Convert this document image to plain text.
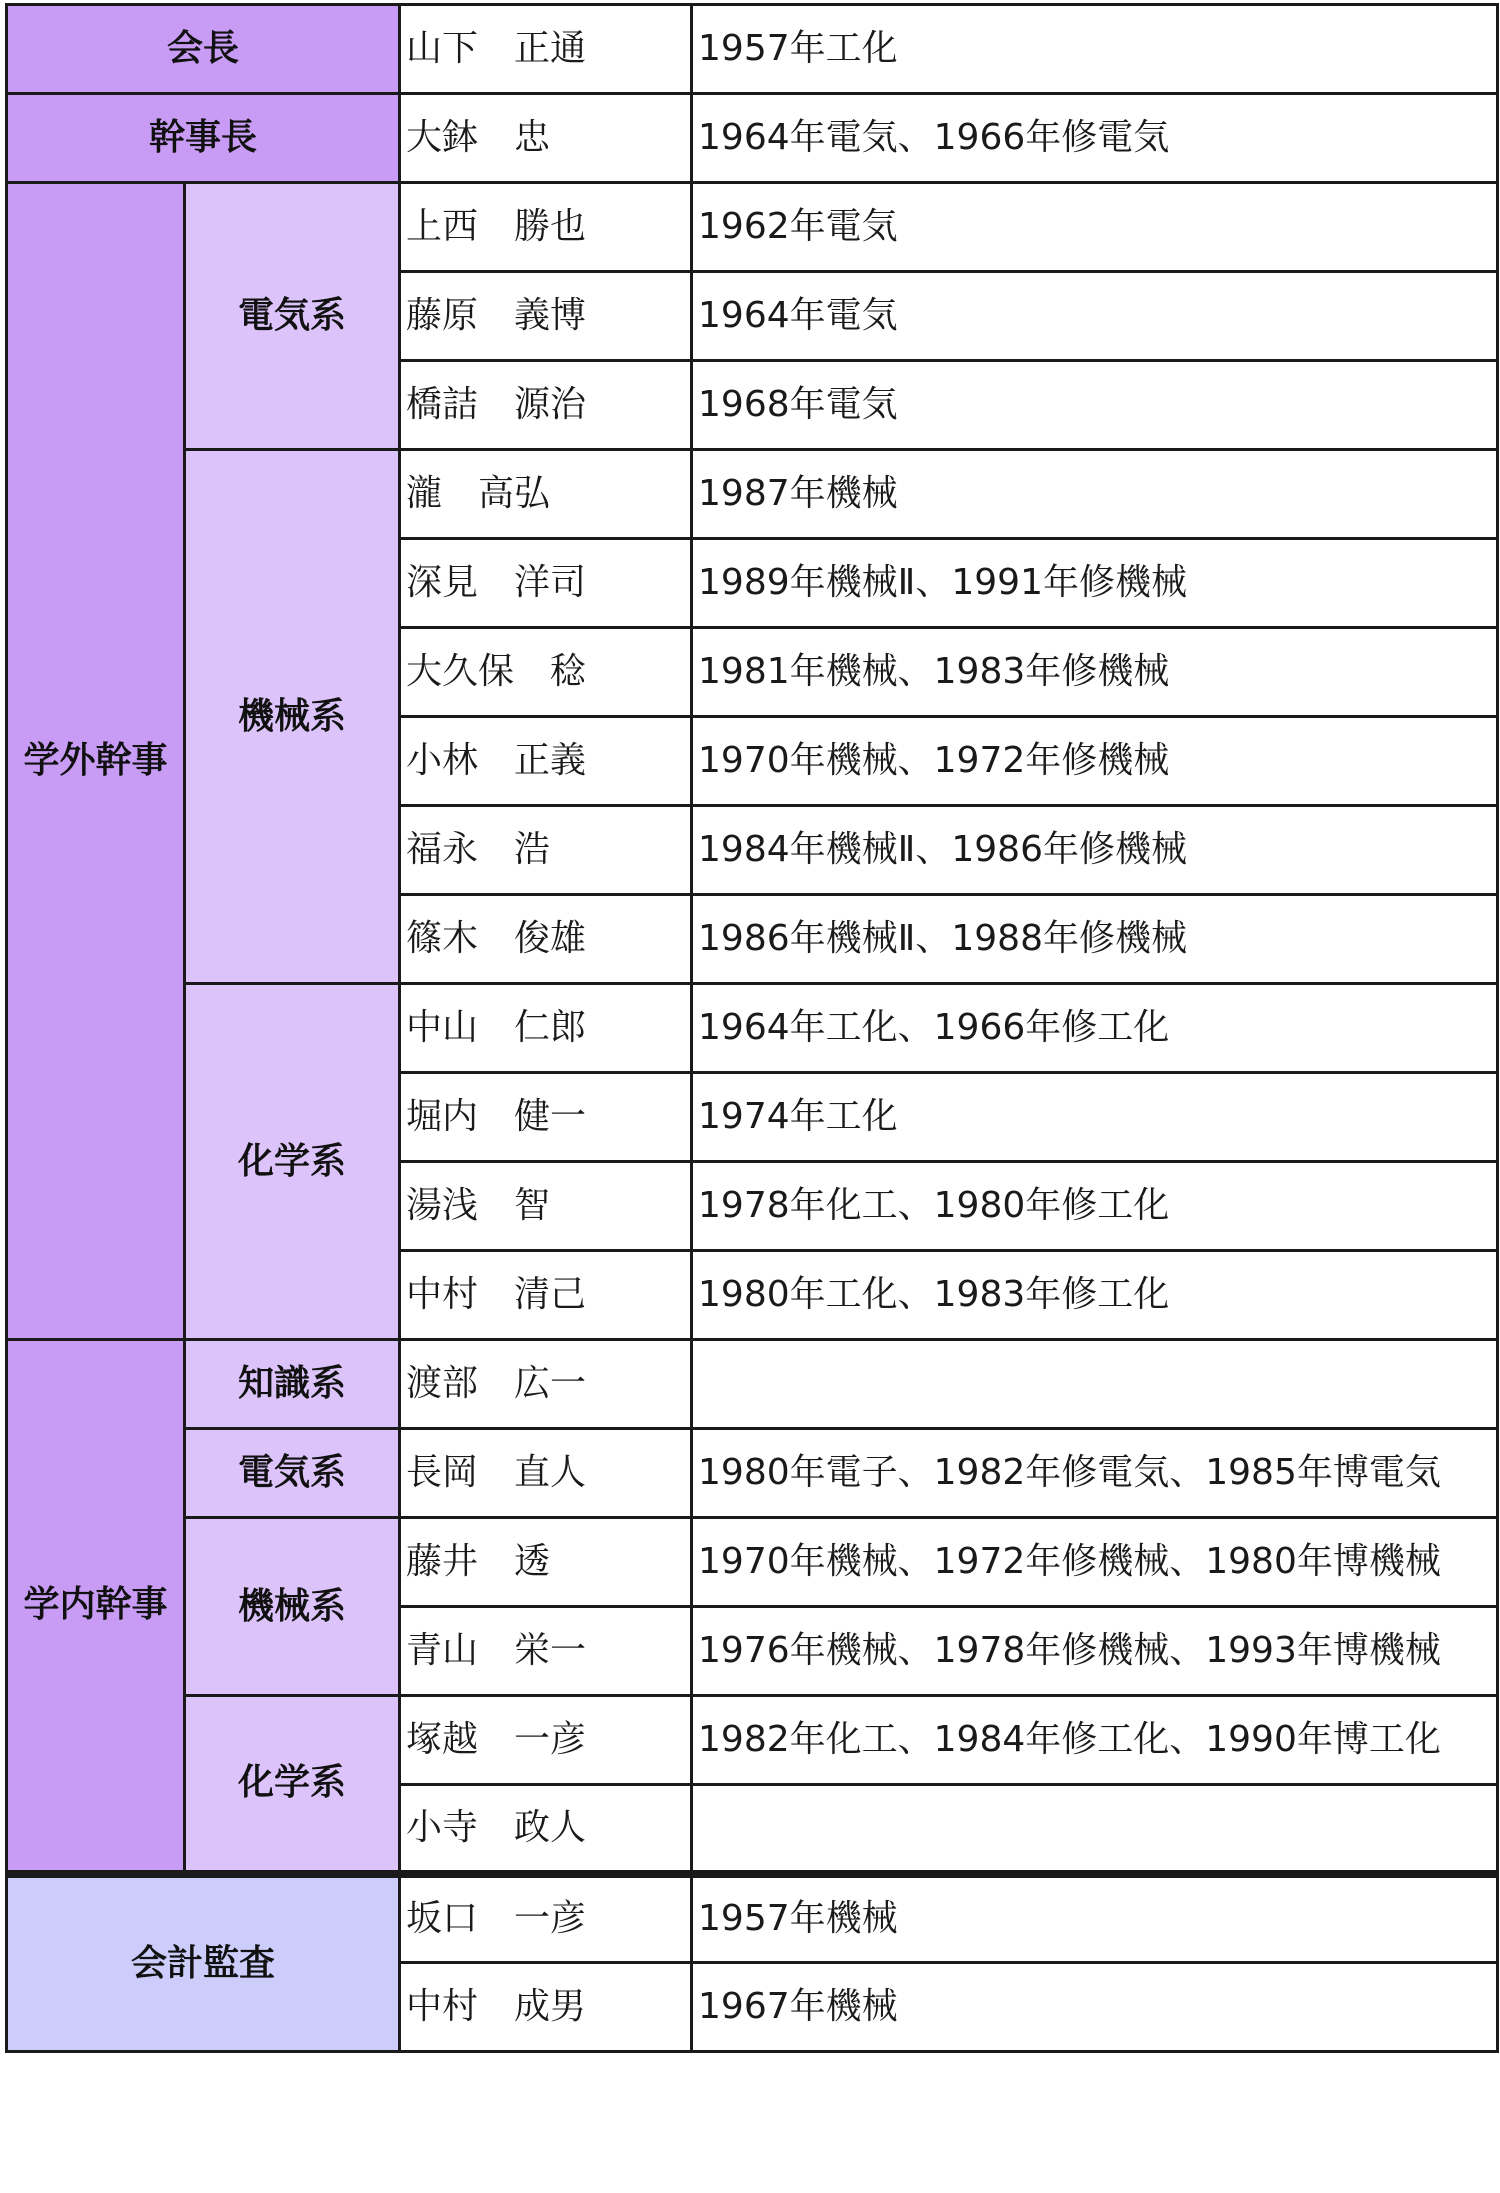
会長		山下　正通	1957年工化
幹事長		大鉢　忠	1964年電気、1966年修電気
学外幹事	電気系	上西　勝也	1962年電気
		藤原　義博	1964年電気
		橋詰　源治	1968年電気
	機械系	瀧　高弘	1987年機械
		深見　洋司	1989年機械Ⅱ、1991年修機械
		大久保　稔	1981年機械、1983年修機械
		小林　正義	1970年機械、1972年修機械
		福永　浩	1984年機械Ⅱ、1986年修機械
		篠木　俊雄	1986年機械Ⅱ、1988年修機械
	化学系	中山　仁郎	1964年工化、1966年修工化
		堀内　健一	1974年工化
		湯浅　智	1978年化工、1980年修工化
		中村　清己	1980年工化、1983年修工化
学内幹事	知識系	渡部　広一	
	電気系	長岡　直人	1980年電子、1982年修電気、1985年博電気
	機械系	藤井　透	1970年機械、1972年修機械、1980年博機械
		青山　栄一	1976年機械、1978年修機械、1993年博機械
	化学系	塚越　一彦	1982年化工、1984年修工化、1990年博工化
		小寺　政人	
会計監査		坂口　一彦	1957年機械
		中村　成男	1967年機械
